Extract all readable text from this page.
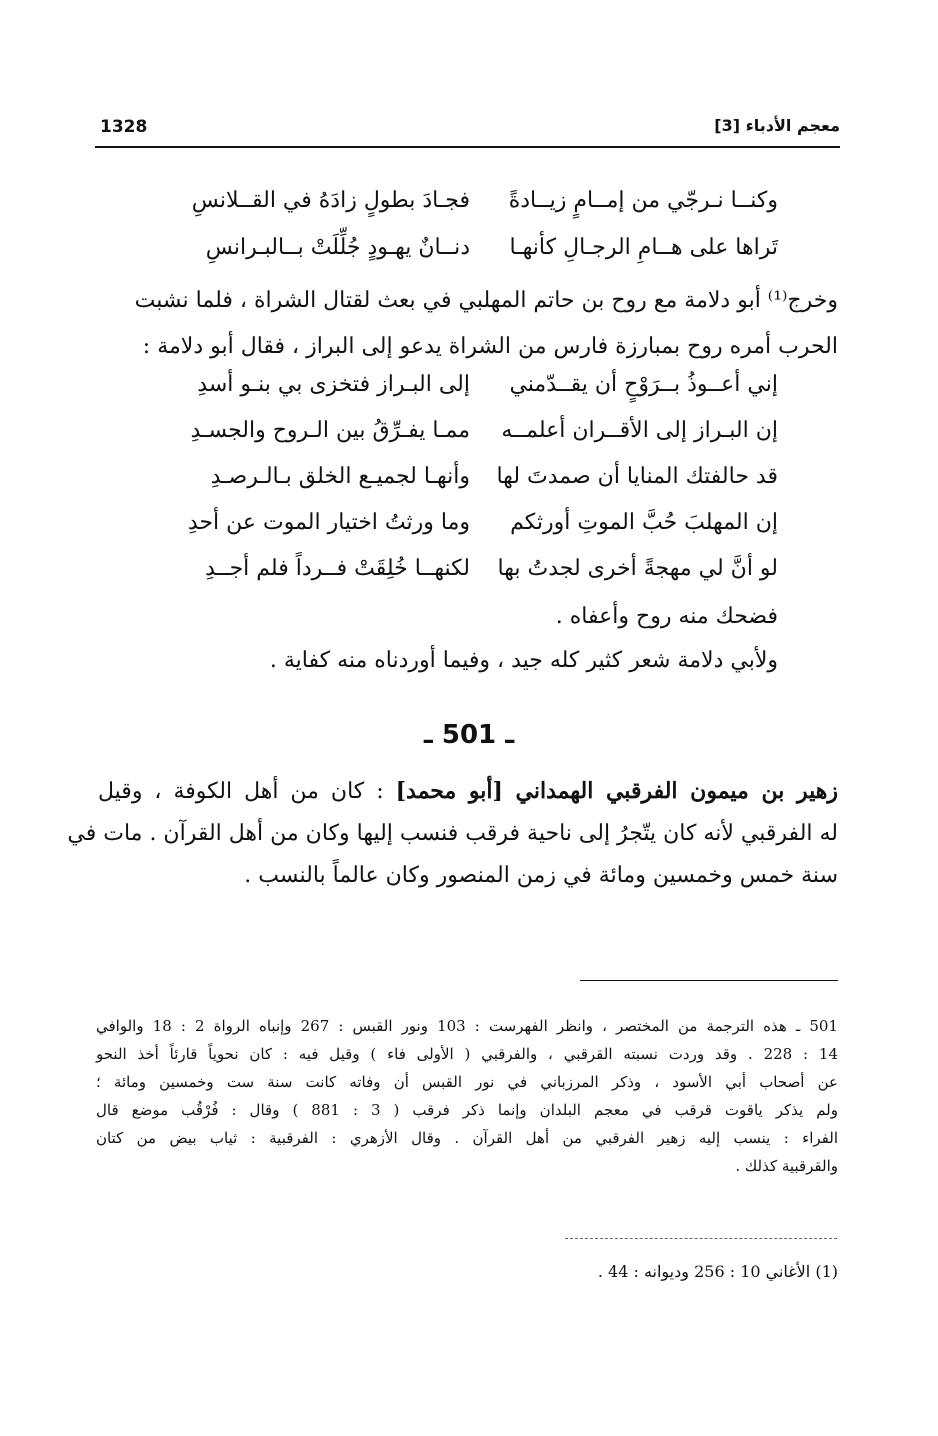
1328	معجم الأدباء [3]
وكنــا نـرجّي من إمــامٍ زيــادةً
فجـادَ بطولٍ زادَهُ في القــلانسِ
تَراها على هــامِ الرجـالِ كأنهـا
دنــانٌ يهـودٍ جُلِّلَتْ بــالبـرانسِ
وخرج⁽¹⁾ أبو دلامة مع روح بن حاتم المهلبي في بعث لقتال الشراة ، فلما نشبت
الحرب أمره روح بمبارزة فارس من الشراة يدعو إلى البراز ، فقال أبو دلامة :
إني أعــوذُ بــرَوْحٍ أن يقــدّمني
إلى البـراز فتخزى بي بنـو أسدِ
إن البـراز إلى الأقــران أعلمــه
ممـا يفـرِّقُ بين الـروح والجسـدِ
قد حالفتك المنايا أن صمدتَ لها
وأنهـا لجميـع الخلق بـالـرصـدِ
إن المهلبَ حُبَّ الموتِ أورثكم
وما ورثتُ اختيار الموت عن أحدِ
لو أنَّ لي مهجةً أخرى لجدتُ بها
لكنهــا خُلِقَتْ فــرداً فلم أجــدِ
فضحك منه روح وأعفاه .
ولأبي دلامة شعر كثير كله جيد ، وفيما أوردناه منه كفاية .
ـ 501 ـ
زهير بن ميمون الفرقبي الهمداني [أبو محمد] : كان من أهل الكوفة ، وقيل
له الفرقبي لأنه كان يتّجرُ إلى ناحية فرقب فنسب إليها وكان من أهل القرآن . مات في
سنة خمس وخمسين ومائة في زمن المنصور وكان عالماً بالنسب .
501 ـ هذه الترجمة من المختصر ، وانظر الفهرست : 103 ونور القبس : 267 وإنباه الرواة 2 : 18 والوافي
14 : 228 . وقد وردت نسبته القرقبي ، والفرقبي ( الأولى فاء ) وقيل فيه : كان نحوياً قارئاً أخذ النحو
عن أصحاب أبي الأسود ، وذكر المرزباني في نور القبس أن وفاته كانت سنة ست وخمسين ومائة ؛
ولم يذكر ياقوت قرقب في معجم البلدان وإنما ذكر فرقب ( 3 : 881 ) وقال : فُرْقُب موضع قال
الفراء : ينسب إليه زهير الفرقبي من أهل القرآن . وقال الأزهري : الفرقبية : ثياب بيض من كتان
والقرقبية كذلك .
(1) الأغاني 10 : 256 وديوانه : 44 .
